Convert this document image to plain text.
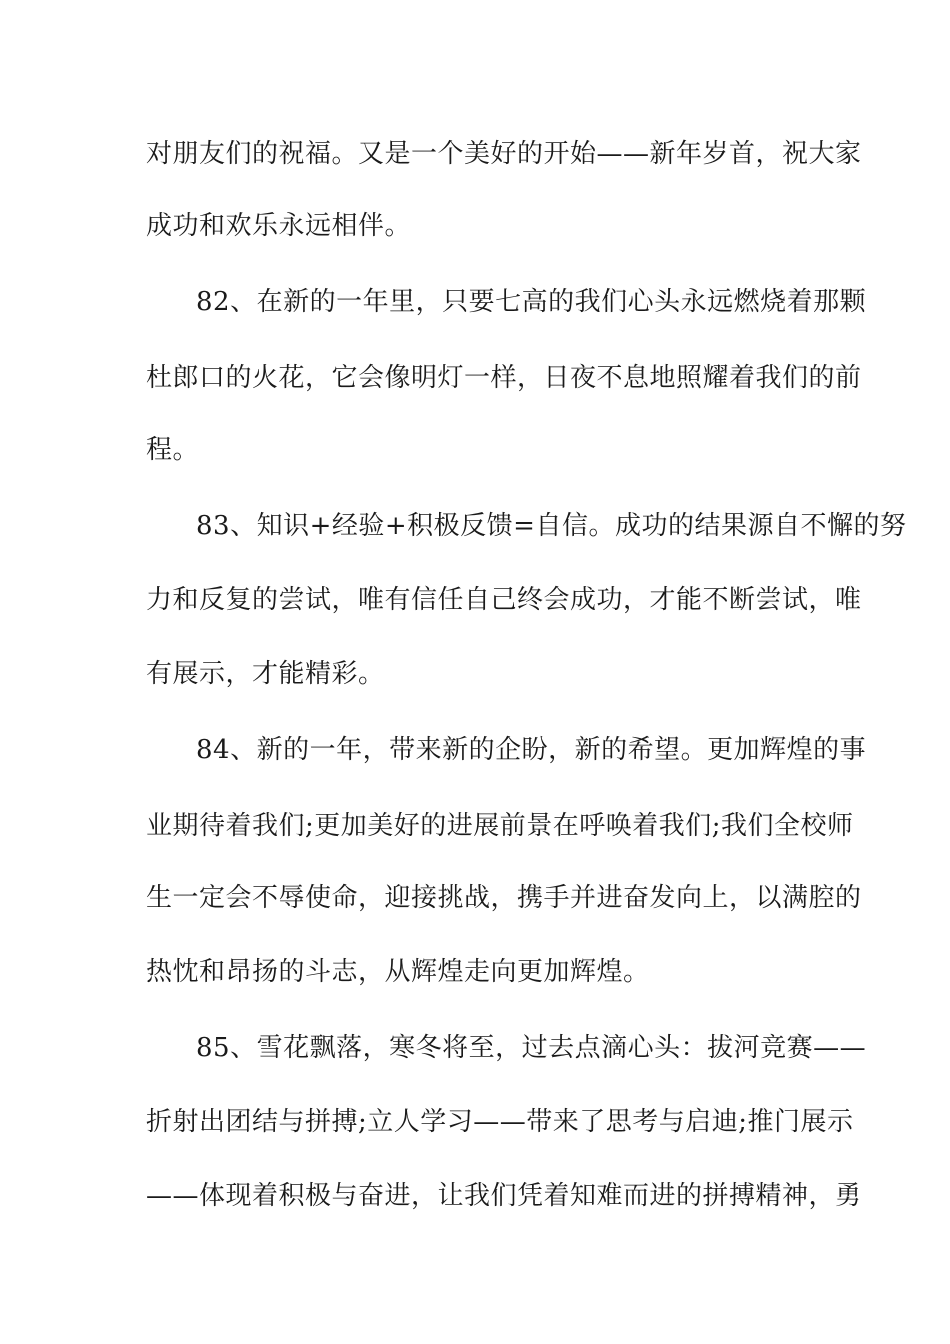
对朋友们的祝福。又是一个美好的开始——新年岁首，祝大家
成功和欢乐永远相伴。
82、在新的一年里，只要七高的我们心头永远燃烧着那颗
杜郎口的火花，它会像明灯一样，日夜不息地照耀着我们的前
程。
83、知识+经验+积极反馈=自信。成功的结果源自不懈的努
力和反复的尝试，唯有信任自己终会成功，才能不断尝试，唯
有展示，才能精彩。
84、新的一年，带来新的企盼，新的希望。更加辉煌的事
业期待着我们;更加美好的进展前景在呼唤着我们;我们全校师
生一定会不辱使命，迎接挑战，携手并进奋发向上，以满腔的
热忱和昂扬的斗志，从辉煌走向更加辉煌。
85、雪花飘落，寒冬将至，过去点滴心头：拔河竞赛——
折射出团结与拼搏;立人学习——带来了思考与启迪;推门展示
——体现着积极与奋进，让我们凭着知难而进的拼搏精神，勇
